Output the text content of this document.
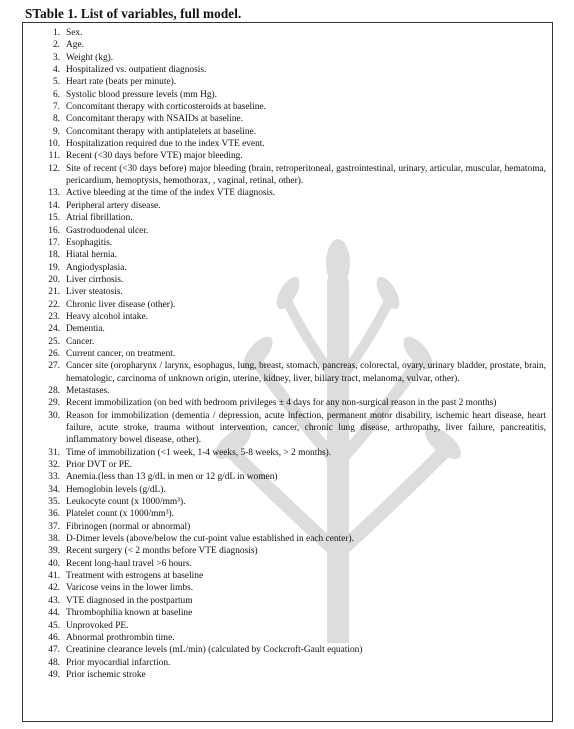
STable 1. List of variables, full model.
1. Sex.
2. Age.
3. Weight (kg).
4. Hospitalized vs. outpatient diagnosis.
5. Heart rate (beats per minute).
6. Systolic blood pressure levels (mm Hg).
7. Concomitant therapy with corticosteroids at baseline.
8. Concomitant therapy with NSAIDs at baseline.
9. Concomitant therapy with antiplatelets at baseline.
10. Hospitalization required due to the index VTE event.
11. Recent (<30 days before VTE) major bleeding.
12. Site of recent (<30 days before) major bleeding (brain, retroperitoneal, gastrointestinal, urinary, articular, muscular, hematoma, pericardium, hemoptysis, hemothorax, , vaginal, retinal, other).
13. Active bleeding at the time of the index VTE diagnosis.
14. Peripheral artery disease.
15. Atrial fibrillation.
16. Gastroduodenal ulcer.
17. Esophagitis.
18. Hiatal hernia.
19. Angiodysplasia.
20. Liver cirrhosis.
21. Liver steatosis.
22. Chronic liver disease (other).
23. Heavy alcohol intake.
24. Dementia.
25. Cancer.
26. Current cancer, on treatment.
27. Cancer site (oropharynx / larynx, esophagus, lung, breast, stomach, pancreas, colorectal, ovary, urinary bladder, prostate, brain, hematologic, carcinoma of unknown origin, uterine, kidney, liver, biliary tract, melanoma, vulvar, other).
28. Metastases.
29. Recent immobilization (on bed with bedroom privileges ± 4 days for any non-surgical reason in the past 2 months)
30. Reason for immobilization (dementia / depression, acute infection, permanent motor disability, ischemic heart disease, heart failure, acute stroke, trauma without intervention, cancer, chronic lung disease, arthropathy, liver failure, pancreatitis, inflammatory bowel disease, other).
31. Time of immobilization (<1 week, 1-4 weeks, 5-8 weeks, > 2 months).
32. Prior DVT or PE.
33. Anemia.(less than 13 g/dL in men or 12 g/dL in women)
34. Hemoglobin levels (g/dL).
35. Leukocyte count (x 1000/mm³).
36. Platelet count (x 1000/mm³).
37. Fibrinogen (normal or abnormal)
38. D-Dimer levels (above/below the cut-point value established in each center).
39. Recent surgery (< 2 months before VTE diagnosis)
40. Recent long-haul travel >6 hours.
41. Treatment with estrogens at baseline
42. Varicose veins in the lower limbs.
43. VTE diagnosed in the postpartum
44. Thrombophilia known at baseline
45. Unprovoked PE.
46. Abnormal prothrombin time.
47. Creatinine clearance levels (mL/min) (calculated by Cockcroft-Gault equation)
48. Prior myocardial infarction.
49. Prior ischemic stroke
